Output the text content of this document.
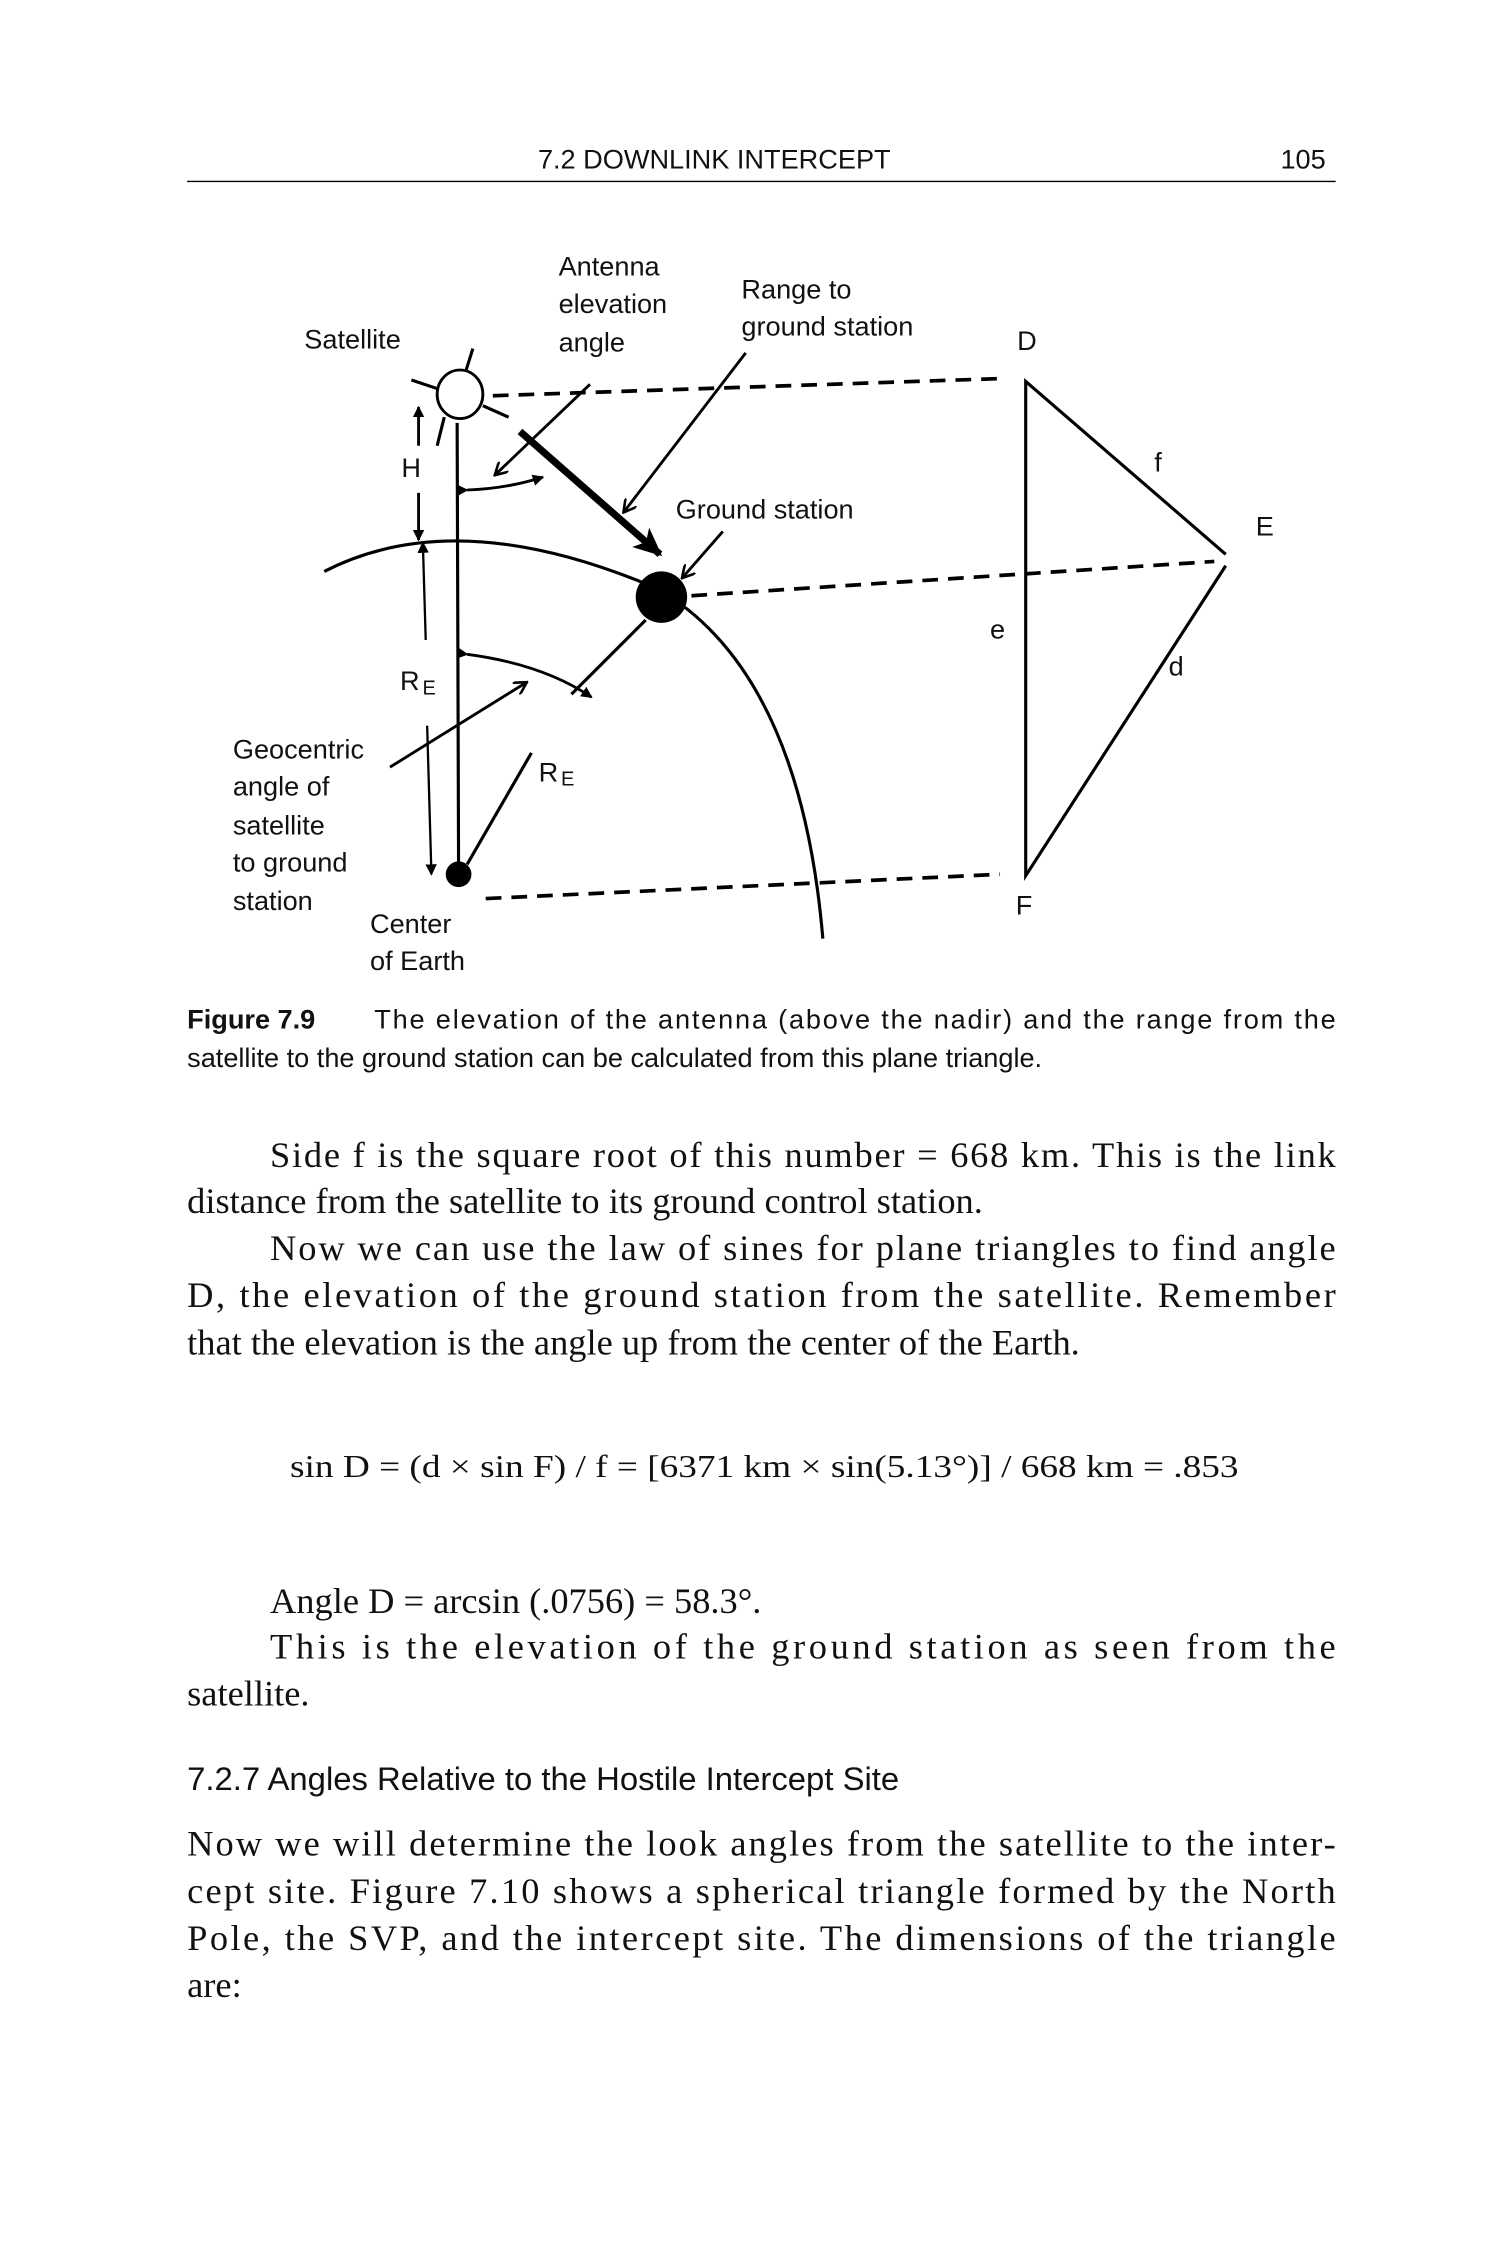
7.2 DOWNLINK INTERCEPT	105
Satellite
Antenna
elevation
angle
Range to
ground station
Ground station
H
R E
R E
Geocentric
angle of
satellite
to ground
station
Center
of Earth
D
f
E
e
d
F
Figure 7.9	The elevation of the antenna (above the nadir) and the range from the
satellite to the ground station can be calculated from this plane triangle.
Side f is the square root of this number = 668 km. This is the link
distance from the satellite to its ground control station.
Now we can use the law of sines for plane triangles to find angle
D, the elevation of the ground station from the satellite. Remember
that the elevation is the angle up from the center of the Earth.
sin D = (d × sin F) / f = [6371 km × sin(5.13°)] / 668 km = .853
Angle D = arcsin (.0756) = 58.3°.
This is the elevation of the ground station as seen from the
satellite.
7.2.7 Angles Relative to the Hostile Intercept Site
Now we will determine the look angles from the satellite to the inter-
cept site. Figure 7.10 shows a spherical triangle formed by the North
Pole, the SVP, and the intercept site. The dimensions of the triangle
are:
